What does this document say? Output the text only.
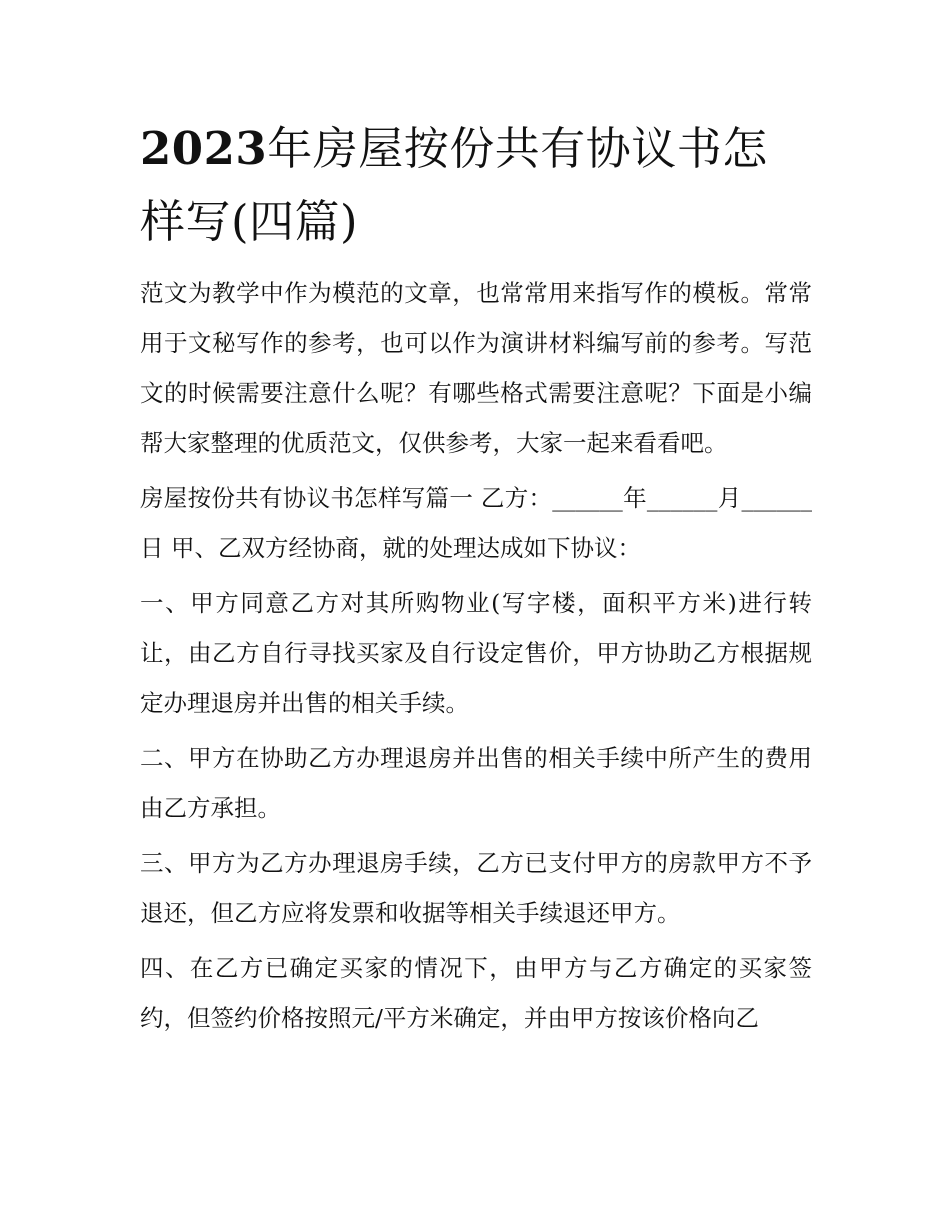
2023年房屋按份共有协议书怎样写(四篇)

范文为教学中作为模范的文章，也常常用来指写作的模板。常常用于文秘写作的参考，也可以作为演讲材料编写前的参考。写范文的时候需要注意什么呢？有哪些格式需要注意呢？下面是小编帮大家整理的优质范文，仅供参考，大家一起来看看吧。

房屋按份共有协议书怎样写篇一 乙方：______年______月______日 甲、乙双方经协商，就的处理达成如下协议：

一、甲方同意乙方对其所购物业(写字楼，面积平方米)进行转让，由乙方自行寻找买家及自行设定售价，甲方协助乙方根据规定办理退房并出售的相关手续。

二、甲方在协助乙方办理退房并出售的相关手续中所产生的费用由乙方承担。

三、甲方为乙方办理退房手续，乙方已支付甲方的房款甲方不予退还，但乙方应将发票和收据等相关手续退还甲方。

四、在乙方已确定买家的情况下，由甲方与乙方确定的买家签约，但签约价格按照元/平方米确定，并由甲方按该价格向乙
